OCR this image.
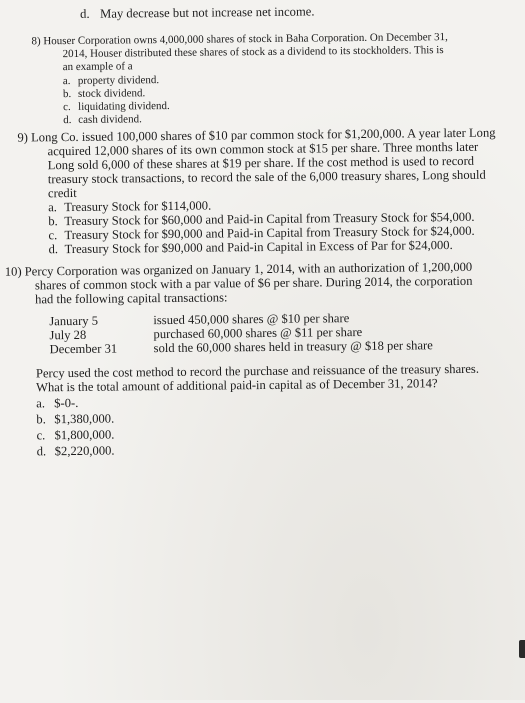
d. May decrease but not increase net income.
8) Houser Corporation owns 4,000,000 shares of stock in Baha Corporation. On December 31,
2014, Houser distributed these shares of stock as a dividend to its stockholders. This is
an example of a
a. property dividend.
b. stock dividend.
c. liquidating dividend.
d. cash dividend.
9) Long Co. issued 100,000 shares of $10 par common stock for $1,200,000. A year later Long
acquired 12,000 shares of its own common stock at $15 per share. Three months later
Long sold 6,000 of these shares at $19 per share. If the cost method is used to record
treasury stock transactions, to record the sale of the 6,000 treasury shares, Long should
credit
a. Treasury Stock for $114,000.
b. Treasury Stock for $60,000 and Paid-in Capital from Treasury Stock for $54,000.
c. Treasury Stock for $90,000 and Paid-in Capital from Treasury Stock for $24,000.
d. Treasury Stock for $90,000 and Paid-in Capital in Excess of Par for $24,000.
10) Percy Corporation was organized on January 1, 2014, with an authorization of 1,200,000
shares of common stock with a par value of $6 per share. During 2014, the corporation
had the following capital transactions:
January 5	issued 450,000 shares @ $10 per share
July 28	purchased 60,000 shares @ $11 per share
December 31	sold the 60,000 shares held in treasury @ $18 per share
Percy used the cost method to record the purchase and reissuance of the treasury shares.
What is the total amount of additional paid-in capital as of December 31, 2014?
a. $-0-.
b. $1,380,000.
c. $1,800,000.
d. $2,220,000.
